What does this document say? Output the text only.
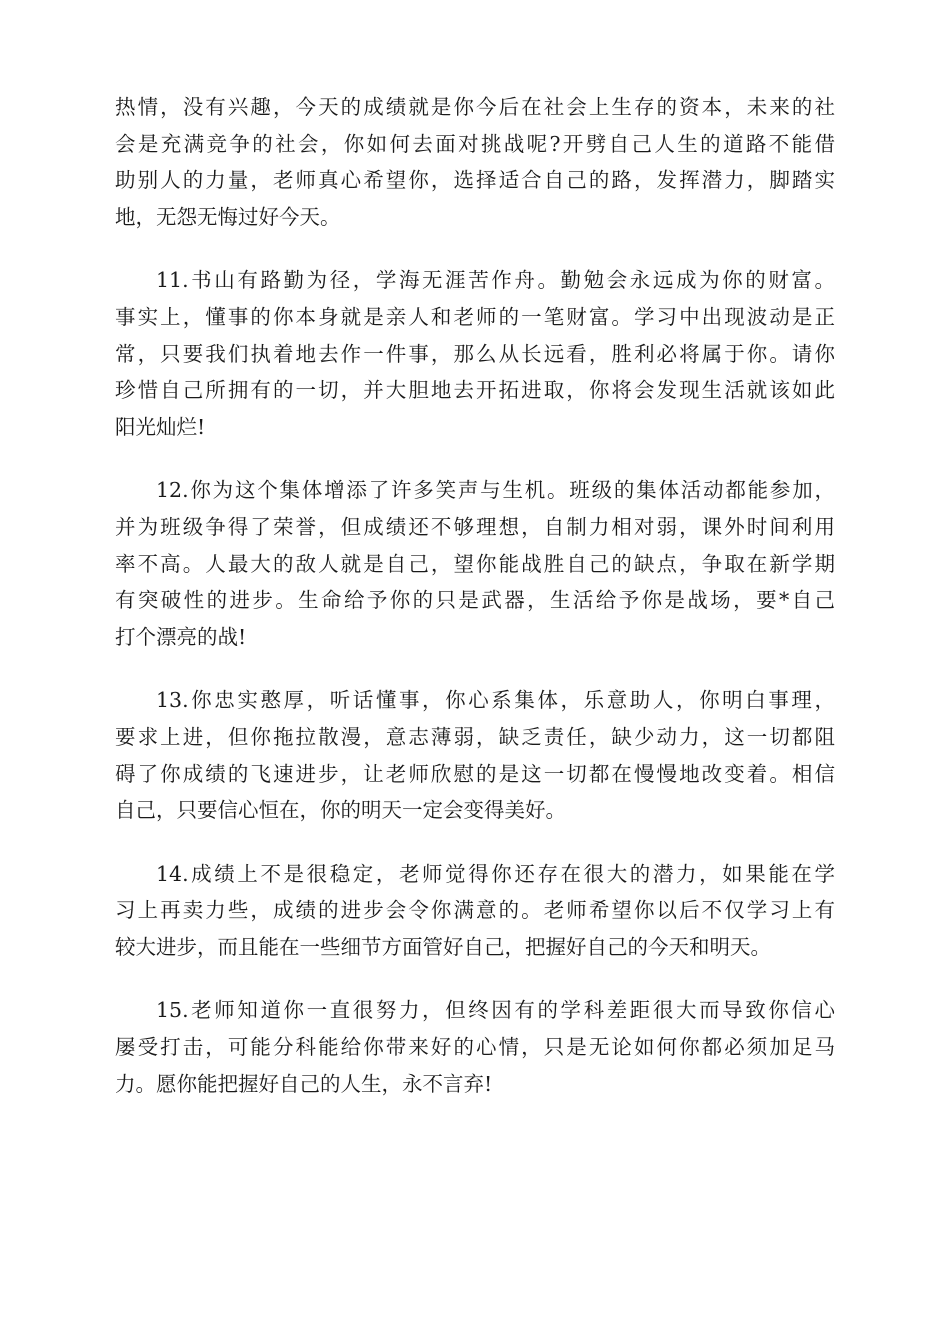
热情，没有兴趣，今天的成绩就是你今后在社会上生存的资本，未来的社
会是充满竞争的社会，你如何去面对挑战呢?开劈自己人生的道路不能借
助别人的力量，老师真心希望你，选择适合自己的路，发挥潜力，脚踏实
地，无怨无悔过好今天。

11.书山有路勤为径，学海无涯苦作舟。勤勉会永远成为你的财富。
事实上，懂事的你本身就是亲人和老师的一笔财富。学习中出现波动是正
常，只要我们执着地去作一件事，那么从长远看，胜利必将属于你。请你
珍惜自己所拥有的一切，并大胆地去开拓进取，你将会发现生活就该如此
阳光灿烂!

12.你为这个集体增添了许多笑声与生机。班级的集体活动都能参加，
并为班级争得了荣誉，但成绩还不够理想，自制力相对弱，课外时间利用
率不高。人最大的敌人就是自己，望你能战胜自己的缺点，争取在新学期
有突破性的进步。生命给予你的只是武器，生活给予你是战场，要*自己
打个漂亮的战!

13.你忠实憨厚，听话懂事，你心系集体，乐意助人，你明白事理，
要求上进，但你拖拉散漫，意志薄弱，缺乏责任，缺少动力，这一切都阻
碍了你成绩的飞速进步，让老师欣慰的是这一切都在慢慢地改变着。相信
自己，只要信心恒在，你的明天一定会变得美好。

14.成绩上不是很稳定，老师觉得你还存在很大的潜力，如果能在学
习上再卖力些，成绩的进步会令你满意的。老师希望你以后不仅学习上有
较大进步，而且能在一些细节方面管好自己，把握好自己的今天和明天。

15.老师知道你一直很努力，但终因有的学科差距很大而导致你信心
屡受打击，可能分科能给你带来好的心情，只是无论如何你都必须加足马
力。愿你能把握好自己的人生，永不言弃!
